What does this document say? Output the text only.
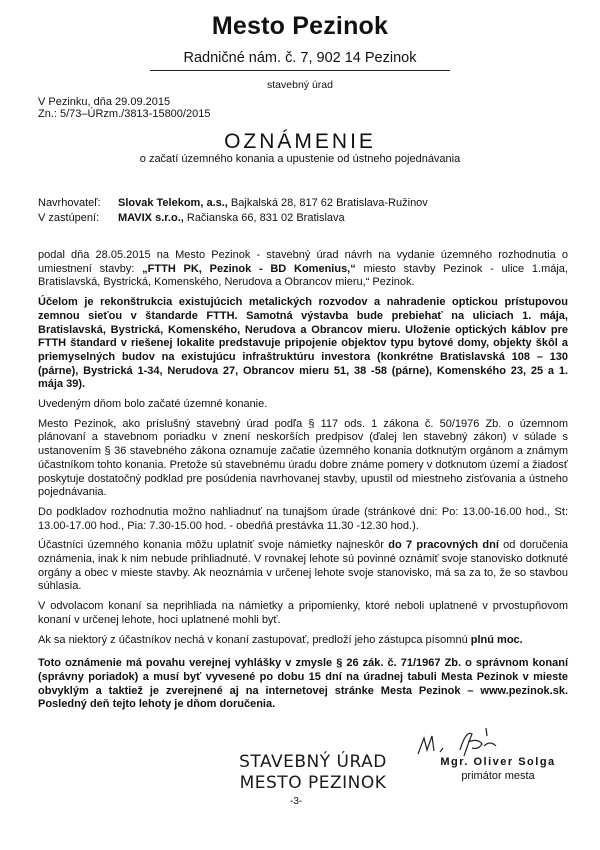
Mesto Pezinok
Radničné nám. č. 7, 902 14 Pezinok
stavebný úrad
V Pezinku, dňa 29.09.2015
Zn.: 5/73–ÚRzm./3813-15800/2015
OZNÁMENIE
o začatí územného konania a upustenie od ústneho pojednávania
Navrhovateľ: Slovak Telekom, a.s., Bajkalská 28, 817 62 Bratislava-Ružinov
V zastúpení: MAVIX s.r.o., Račianska 66, 831 02 Bratislava

podal dňa 28.05.2015 na Mesto Pezinok - stavebný úrad návrh na vydanie územného rozhodnutia o umiestnení stavby: „FTTH PK, Pezinok - BD Komenius,“ miesto stavby Pezinok - ulice 1.mája, Bratislavská, Bystrická, Komenského, Nerudova a Obrancov mieru,“ Pezinok.

Účelom je rekonštrukcia existujúcich metalických rozvodov a nahradenie optickou prístupovou zemnou sieťou v štandarde FTTH. Samotná výstavba bude prebiehať na uliciach 1. mája, Bratislavská, Bystrická, Komenského, Nerudova a Obrancov mieru. Uloženie optických káblov pre FTTH štandard v riešenej lokalite predstavuje pripojenie objektov typu bytové domy, objekty škôl a priemyselných budov na existujúcu infraštruktúru investora (konkrétne Bratislavská 108 – 130 (párne), Bystrická 1-34, Nerudova 27, Obrancov mieru 51, 38 -58 (párne), Komenského 23, 25 a 1. mája 39).

Uvedeným dňom bolo začaté územné konanie.

Mesto Pezinok, ako príslušný stavebný úrad podľa § 117 ods. 1 zákona č. 50/1976 Zb. o územnom plánovaní a stavebnom poriadku v znení neskorších predpisov (ďalej len stavebný zákon) v súlade s ustanovením § 36 stavebného zákona oznamuje začatie územného konania dotknutým orgánom a známym účastníkom tohto konania. Pretože sú stavebnému úradu dobre známe pomery v dotknutom území a žiadosť poskytuje dostatočný podklad pre posúdenia navrhovanej stavby, upustil od miestneho zisťovania a ústneho pojednávania.

Do podkladov rozhodnutia možno nahliadnuť na tunajšom úrade (stránkové dni: Po: 13.00-16.00 hod., St: 13.00-17.00 hod., Pia: 7.30-15.00 hod. - obedňá prestávka 11.30 -12.30 hod.).

Účastníci územného konania môžu uplatniť svoje námietky najneskôr do 7 pracovných dní od doručenia oznámenia, inak k nim nebude prihliadnuté. V rovnakej lehote sú povinné oznámiť svoje stanovisko dotknuté orgány a obec v mieste stavby. Ak neoznámia v určenej lehote svoje stanovisko, má sa za to, že so stavbou súhlasia.

V odvolacom konaní sa neprihliada na námietky a pripomienky, ktoré neboli uplatnené v prvostupňovom konaní v určenej lehote, hoci uplatnené mohli byť.

Ak sa niektorý z účastníkov nechá v konaní zastupovať, predloží jeho zástupca písomnú plnú moc.

Toto oznámenie má povahu verejnej vyhlášky v zmysle § 26 zák. č. 71/1967 Zb. o správnom konaní (správny poriadok) a musí byť vyvesené po dobu 15 dní na úradnej tabuli Mesta Pezinok v mieste obvyklým a taktiež je zverejnené aj na internetovej stránke Mesta Pezinok – www.pezinok.sk. Posledný deň tejto lehoty je dňom doručenia.

STAVEBNÝ ÚRAD
MESTO PEZINOK
-3-
Mgr. Oliver Solga
primátor mesta
